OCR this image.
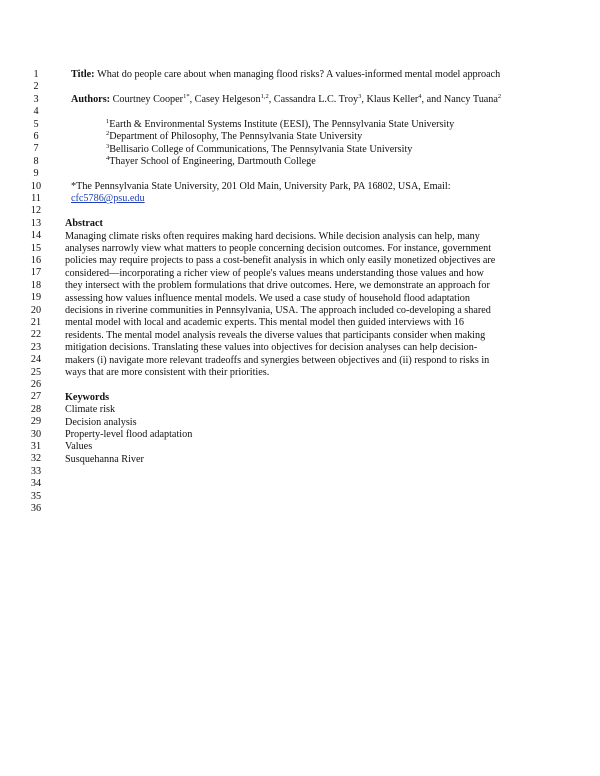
1
2
3
4
5
6
7
8
9
10
11
12
13
14
15
16
17
18
19
20
21
22
23
24
25
26
27
28
29
30
31
32
33
34
35
36
Title: What do people care about when managing flood risks? A values-informed mental model approach
Authors: Courtney Cooper$^{1*}$, Casey Helgeson$^{1,2}$, Cassandra L.C. Troy$^3$, Klaus Keller$^4$, and Nancy Tuana$^2$
$^1$Earth & Environmental Systems Institute (EESI), The Pennsylvania State University
$^2$Department of Philosophy, The Pennsylvania State University
$^3$Bellisario College of Communications, The Pennsylvania State University
$^4$Thayer School of Engineering, Dartmouth College
*The Pennsylvania State University, 201 Old Main, University Park, PA 16802, USA, Email:
cfc5786@psu.edu
Abstract
Managing climate risks often requires making hard decisions. While decision analysis can help, many
analyses narrowly view what matters to people concerning decision outcomes. For instance, government
policies may require projects to pass a cost-benefit analysis in which only easily monetized objectives are
considered—incorporating a richer view of people's values means understanding those values and how
they intersect with the problem formulations that drive outcomes. Here, we demonstrate an approach for
assessing how values influence mental models. We used a case study of household flood adaptation
decisions in riverine communities in Pennsylvania, USA. The approach included co-developing a shared
mental model with local and academic experts. This mental model then guided interviews with 16
residents. The mental model analysis reveals the diverse values that participants consider when making
mitigation decisions. Translating these values into objectives for decision analyses can help decision-
makers (i) navigate more relevant tradeoffs and synergies between objectives and (ii) respond to risks in
ways that are more consistent with their priorities.
Keywords
Climate risk
Decision analysis
Property-level flood adaptation
Values
Susquehanna River
